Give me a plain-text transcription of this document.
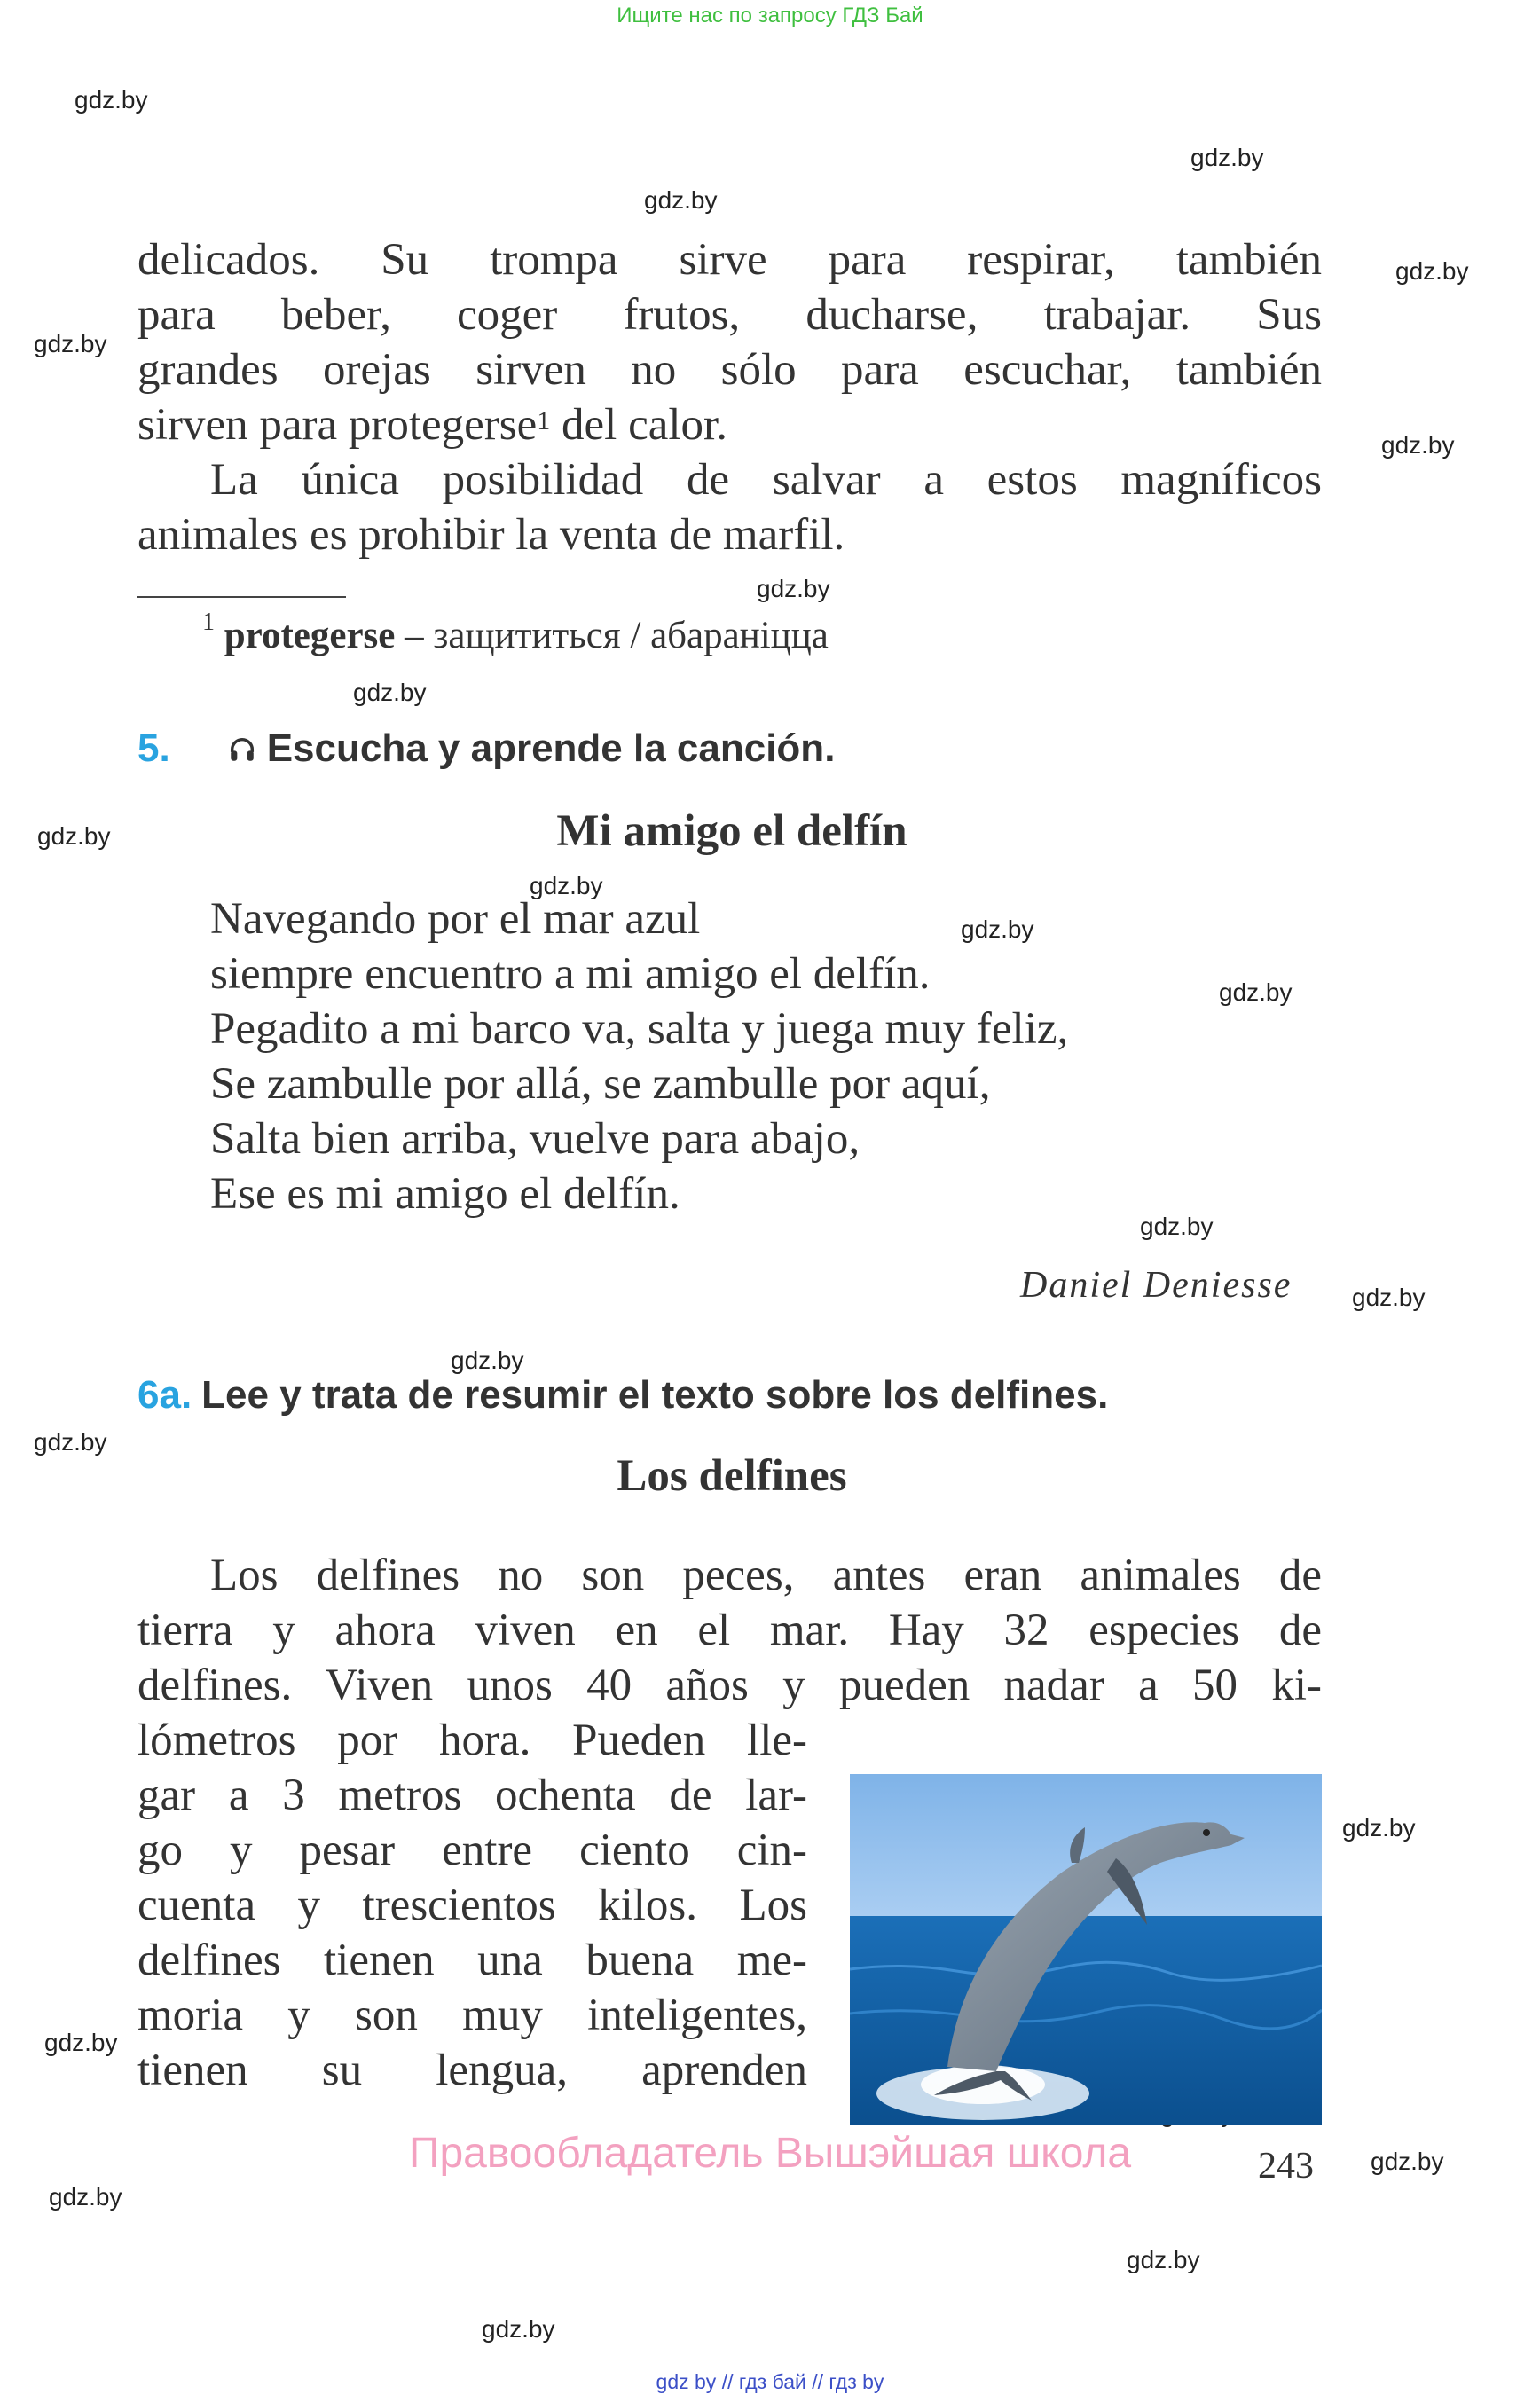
Ищите нас по запросу ГДЗ Бай
gdz.by
gdz.by
gdz.by
gdz.by
gdz.by
gdz.by
gdz.by
gdz.by
gdz.by
gdz.by
gdz.by
gdz.by
gdz.by
gdz.by
gdz.by
gdz.by
gdz.by
gdz.by
gdz.by
gdz.by
gdz.by
gdz.by
delicados. Su trompa sirve para respirar, también
para beber, coger frutos, ducharse, trabajar. Sus
grandes orejas sirven no sólo para escuchar, también
sirven para protegerse$^1$ del calor.
La única posibilidad de salvar a estos magníficos
animales es prohibir la venta de marfil.
$^1$ protegerse – защититься / абараніцца
5. Escucha y aprende la canción.
Mi amigo el delfín
Navegando por el mar azul
siempre encuentro a mi amigo el delfín.
Pegadito a mi barco va, salta y juega muy feliz,
Se zambulle por allá, se zambulle por aquí,
Salta bien arriba, vuelve para abajo,
Ese es mi amigo el delfín.
Daniel Deniesse
6a. Lee y trata de resumir el texto sobre los delfines.
Los delfines
Los delfines no son peces, antes eran animales de
tierra y ahora viven en el mar. Hay 32 especies de
delfines. Viven unos 40 años y pueden nadar a 50 ki-
lómetros por hora. Pueden lle-
gar a 3 metros ochenta de lar-
go y pesar entre ciento cin-
cuenta y trescientos kilos. Los
delfines tienen una buena me-
moria y son muy inteligentes,
tienen su lengua, aprenden
Правообладатель Вышэйшая школа	243
gdz by // гдз бай // гдз by
